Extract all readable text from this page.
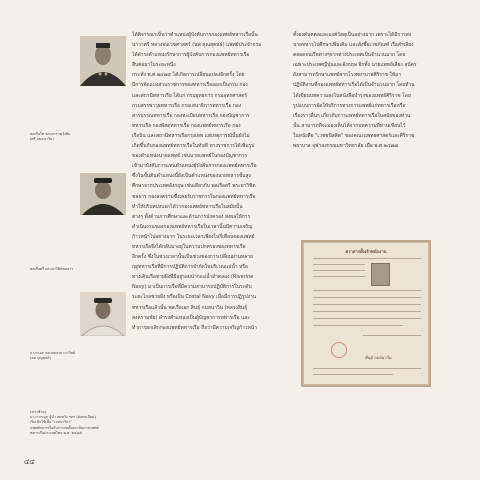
พลเรือโท พระยาราชวังสัน
(ศรี กมลนาวิน)
พลเรือตรี พระยาวิชิตชลธาร
นาวาเอก หลวงขจรนาวาวิทย์
(สม บุญคุปต์)
(ขวาซ้าย)
นาวาวาเอก ผู้นำ สมหวัง ฯลฯ (ต่อทะเบียน)
เริ่มเบิกใช้เพื่อ "เวชนาวิกา"
แพทย์ทหารเรือกับการก่อตั้งสถาบันการแพทย์
ทหารเรือประเทศไทย พ.ศ. ๒๔๗๕
ได้พิจารณาเห็นว่าตำแหน่งผู้บังคับการกองแพทย์ทหารเรือนั้น
นาวาตรี หลวงจบเวชศาสตร์ (นพ คุณสุคนธ์) แพทย์ประจำกรม
ได้ดำรงตำแหน่งรักษาการผู้บังคับการกองแพทย์ทหารเรือ
สืบต่อมาในระยะหนึ่ง
กระทั่ง พ.ศ.๒๔๗๕ ได้เกิดการเปลี่ยนแปลงอีกครั้ง โดย
มีการจัดแบ่งส่วนราชการของทหารเรือออกเป็นกรม กอง
และสถานีทหารเรือ ได้แก่ กรมยุทธการ กรมอุทกศาสตร์
กรมสรรพาวุธทหารเรือ กรมเสนาธิการทหารเรือ กอง
สารบรรณทหารเรือ กองทะเบียนทหารเรือ กองบัญชาการ
ทหารเรือ กองพัสดุทหารเรือ กองแพทย์ทหารเรือ กอง
เรือบิน และสถานีทหารเรือกรุงเทพ แต่เหตุการณ์นั้นยังไม่
เกิดขึ้นกับกองแพทย์ทหารเรือในทันที ทางราชการได้เพิ่มรูป
ของตำแหน่งนายแพทย์ เช่นนายแพทย์ในกองบัญชาการ
เข้ามาบังคับการแทนตำแหน่งผู้บังคับการกองแพทย์ทหารเรือ
ซึ่งในขั้นต้นตำแหน่งนี้ยังเป็นตำแหน่งของนายทหารชั้นสูง
ศึกษาจากประเทศอังกฤษ เช่นเดียวกับ พลเรือตรี พระยาวิชิต
ชลธาร กองสงครามซึ่งเคยรับราชการในกองแพทย์ทหารเรือ
ทำให้บริบทบ่งบอกได้ว่ากองแพทย์ทหารเรือในสมัยนั้น
ต่างๆ ทั้งด้านการศึกษาและด้านการปกครอง ส่งผลให้การ
ดำเนินงานของกองแพทย์ทหารเรือในเวลานั้นมีความเจริญ
ก้าวหน้าไปอย่างมาก ในระยะเวลาเพียงไม่กี่เดือนของแพทย์
ทหารเรือจึงได้กลับมาอยู่ในความปกครองของทหารเรือ
อีกครั้ง ซึ่งในช่วงเวลานั้นเป็นช่วงของการเปลี่ยนผ่านหลาย
ฤดูทหารเรือที่มีการปฏิบัติการจำกัดในบริเวณแม่น้ำ หรือ
ทางเดินเรือชายฝั่งที่มีอยู่รอบปากแม่น้ำลำคลอง (Riverine
Navy) มาเป็นการเรือที่มีความสามารถปฏิบัติการในระดับ
ระยะไกลชายฝั่ง หรือเป็น Costal Navy เมื่อมีการปฏิรูปงาน
ทหารเรือแล้วนั้น พลเรือเอก สินธุ์ กมลนาวิน (หลวงสินธุ์
สงครามชัย) ดำรงตำแหน่งเป็นผู้บัญชาการทหารเรือ และ
ทำการยกเลิกกองแพทย์ทหารเรือ ถือว่ามีความเจริญก้าวหน้า
ทั้งองค์บุคคลและองค์วัสดุเป็นอย่างมาก เพราะได้มีการส่ง
นายทหารไปศึกษาเพิ่มเติม และสั่งซื้อเวชภัณฑ์ เรือสำเลียง
ตลอดจนเรือต่างๆจากต่างประเทศเป็นจำนวนมาก โดย
เฉพาะประเทศญี่ปุ่นและอังกฤษ อีกทั้ง นายแพทย์เลี่ยง สุนัตร
ยังสามารถรักษาแพทย์จากโรงพยาบาลศิริราช ให้มา
ปฏิบัติงานที่กองแพทย์ทหารเรือได้เป็นจำนวนมาก โดยทำน
ได้เขียนบทความลงในหนังสือบำรุงของแพทย์ศิริราช โดย
รูปแบบการจัดให้บริการทางการแพทย์แก่ทหารเรือหรือ
เรื่องราวอื่นๆ เกี่ยวกับการแพทย์ทหารเรือในสมัยของท่าน
นั้น สามารถที่จะมองเห็นได้จากบทความที่ท่านเขียนไว้
ในหนังสือ "เวชชนิสสิต" ของคณะแพทยศาสตร์และศิริราช
พยาบาล จุฬาลงกรณมหาวิทยาลัย เมื่อ พ.ศ.๒๔๗๗
ตราสารตั้งเจ้าพนักงาน
สินธุ์ กมลนาวิน
๔๔
